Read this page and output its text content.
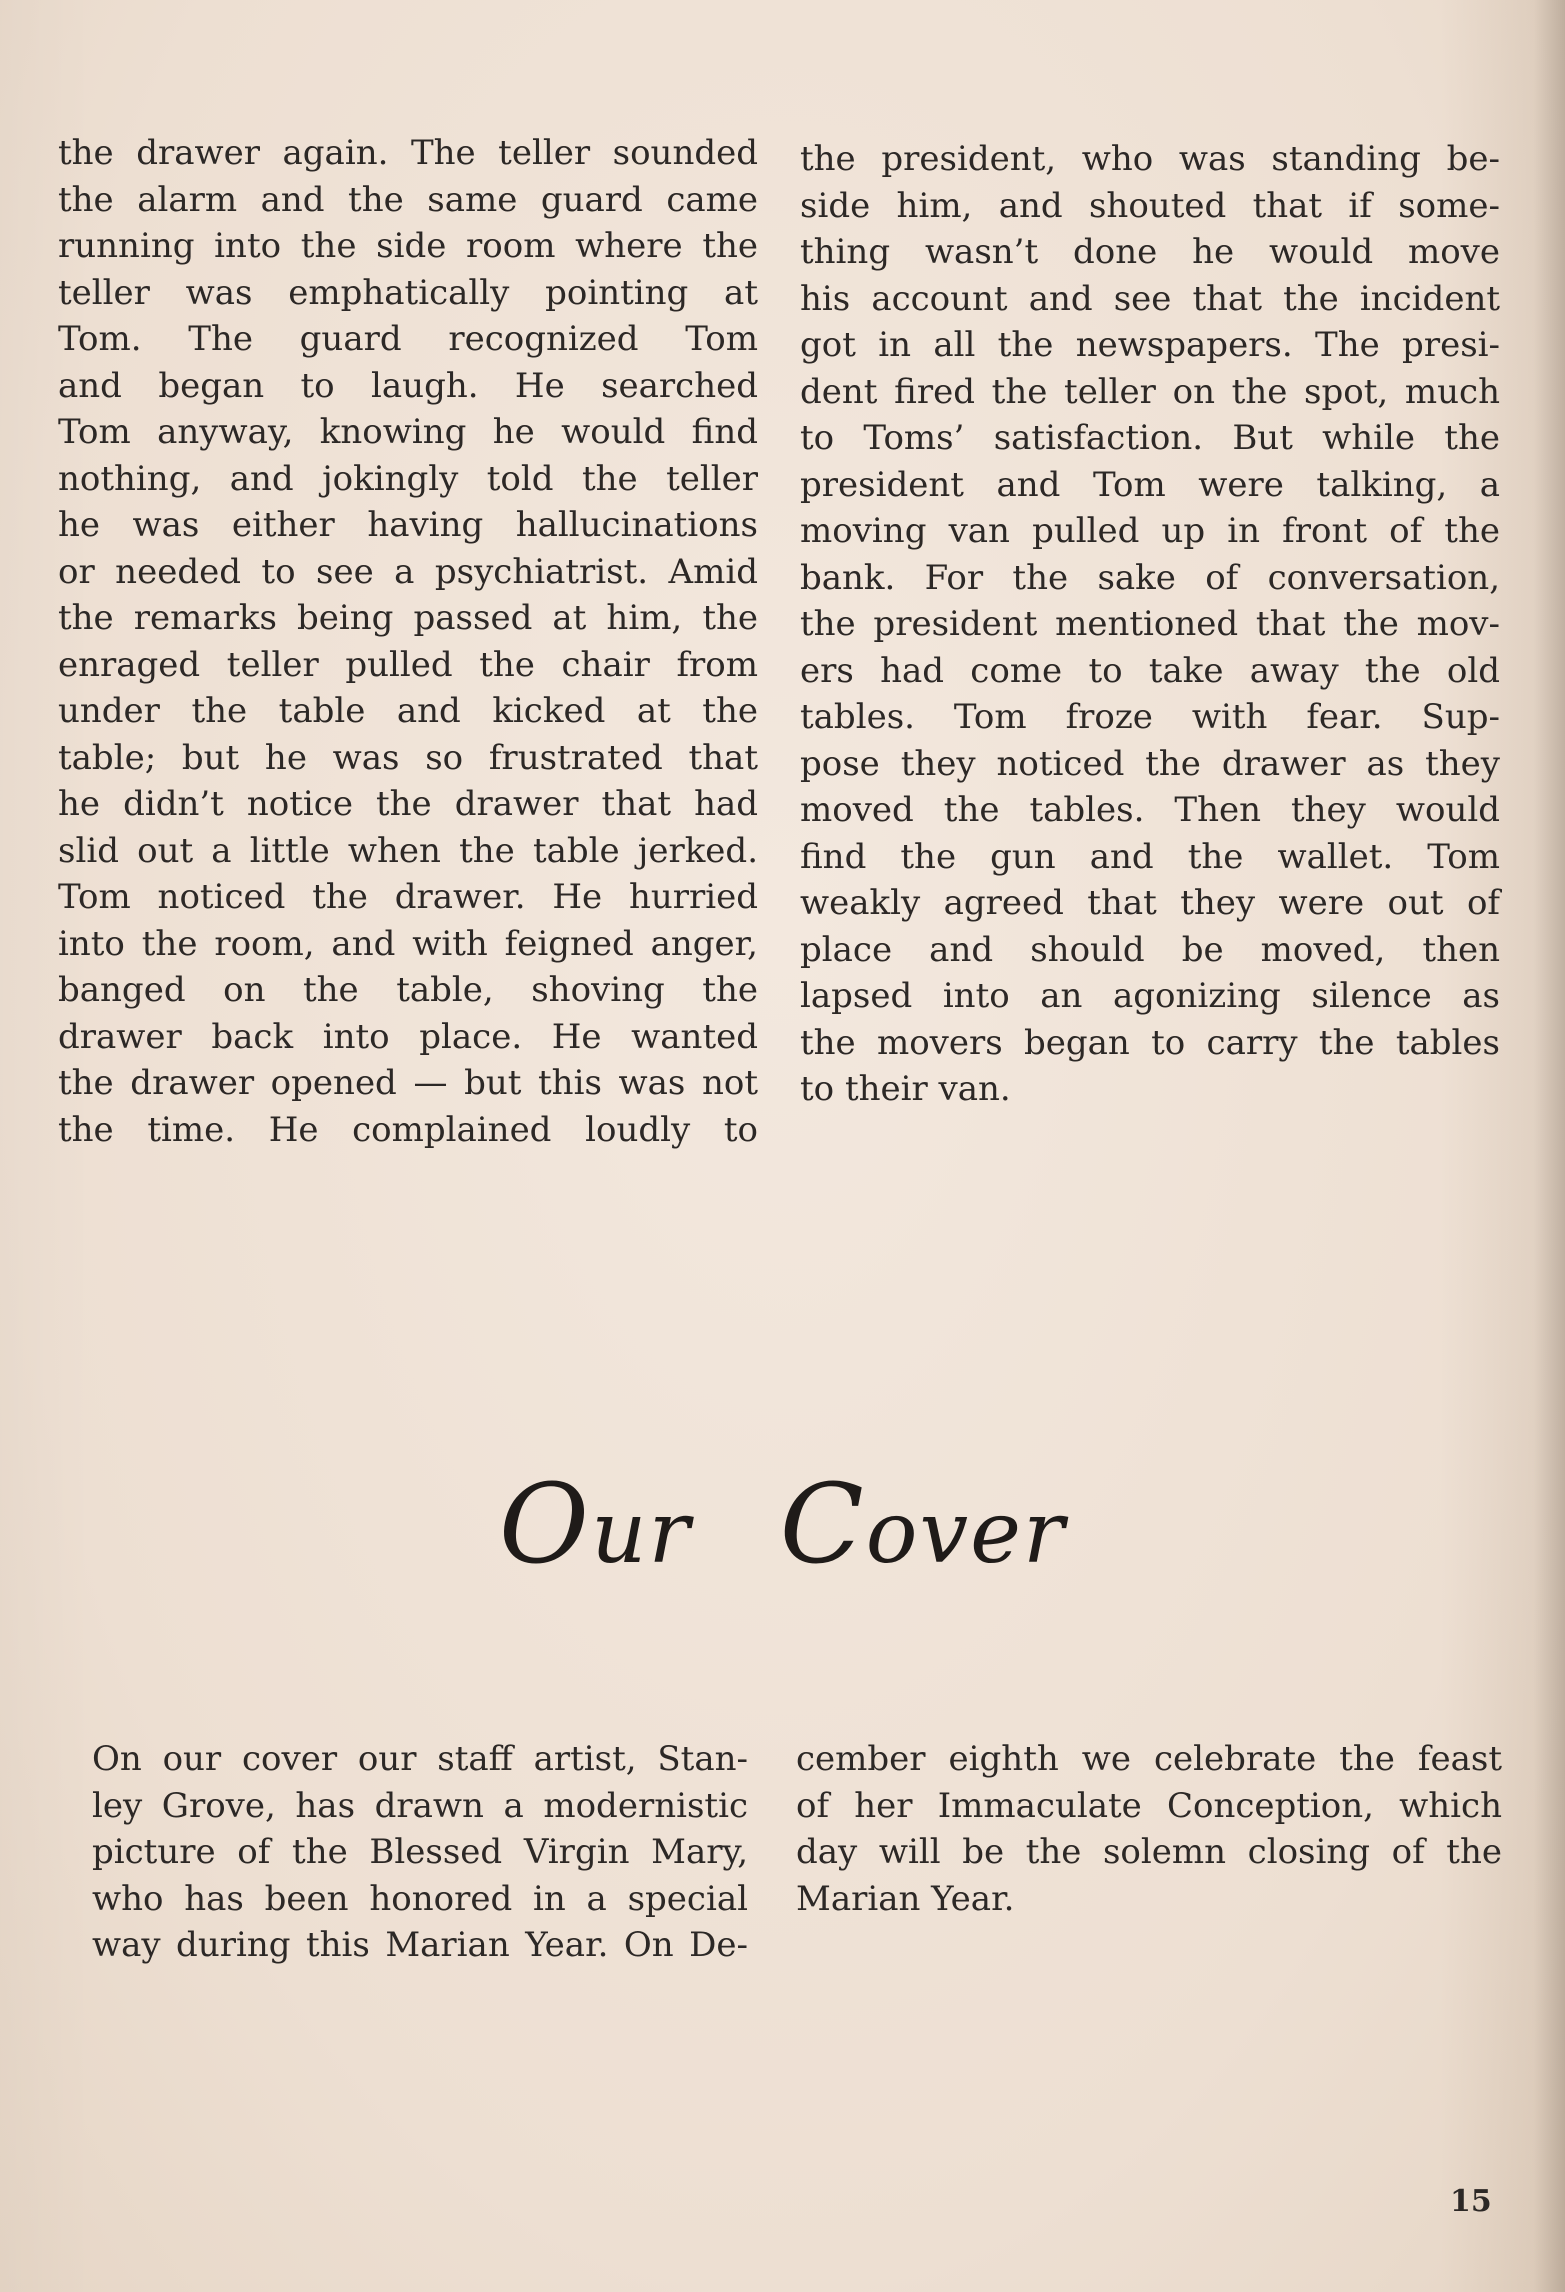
the drawer again. The teller sounded
the alarm and the same guard came
running into the side room where the
teller was emphatically pointing at
Tom. The guard recognized Tom
and began to laugh. He searched
Tom anyway, knowing he would find
nothing, and jokingly told the teller
he was either having hallucinations
or needed to see a psychiatrist. Amid
the remarks being passed at him, the
enraged teller pulled the chair from
under the table and kicked at the
table; but he was so frustrated that
he didn’t notice the drawer that had
slid out a little when the table jerked.
Tom noticed the drawer. He hurried
into the room, and with feigned anger,
banged on the table, shoving the
drawer back into place. He wanted
the drawer opened — but this was not
the time. He complained loudly to
the president, who was standing be-
side him, and shouted that if some-
thing wasn’t done he would move
his account and see that the incident
got in all the newspapers. The presi-
dent fired the teller on the spot, much
to Toms’ satisfaction. But while the
president and Tom were talking, a
moving van pulled up in front of the
bank. For the sake of conversation,
the president mentioned that the mov-
ers had come to take away the old
tables. Tom froze with fear. Sup-
pose they noticed the drawer as they
moved the tables. Then they would
find the gun and the wallet. Tom
weakly agreed that they were out of
place and should be moved, then
lapsed into an agonizing silence as
the movers began to carry the tables
to their van.
Our Cover
On our cover our staff artist, Stan-
ley Grove, has drawn a modernistic
picture of the Blessed Virgin Mary,
who has been honored in a special
way during this Marian Year. On De-
cember eighth we celebrate the feast
of her Immaculate Conception, which
day will be the solemn closing of the
Marian Year.
15
